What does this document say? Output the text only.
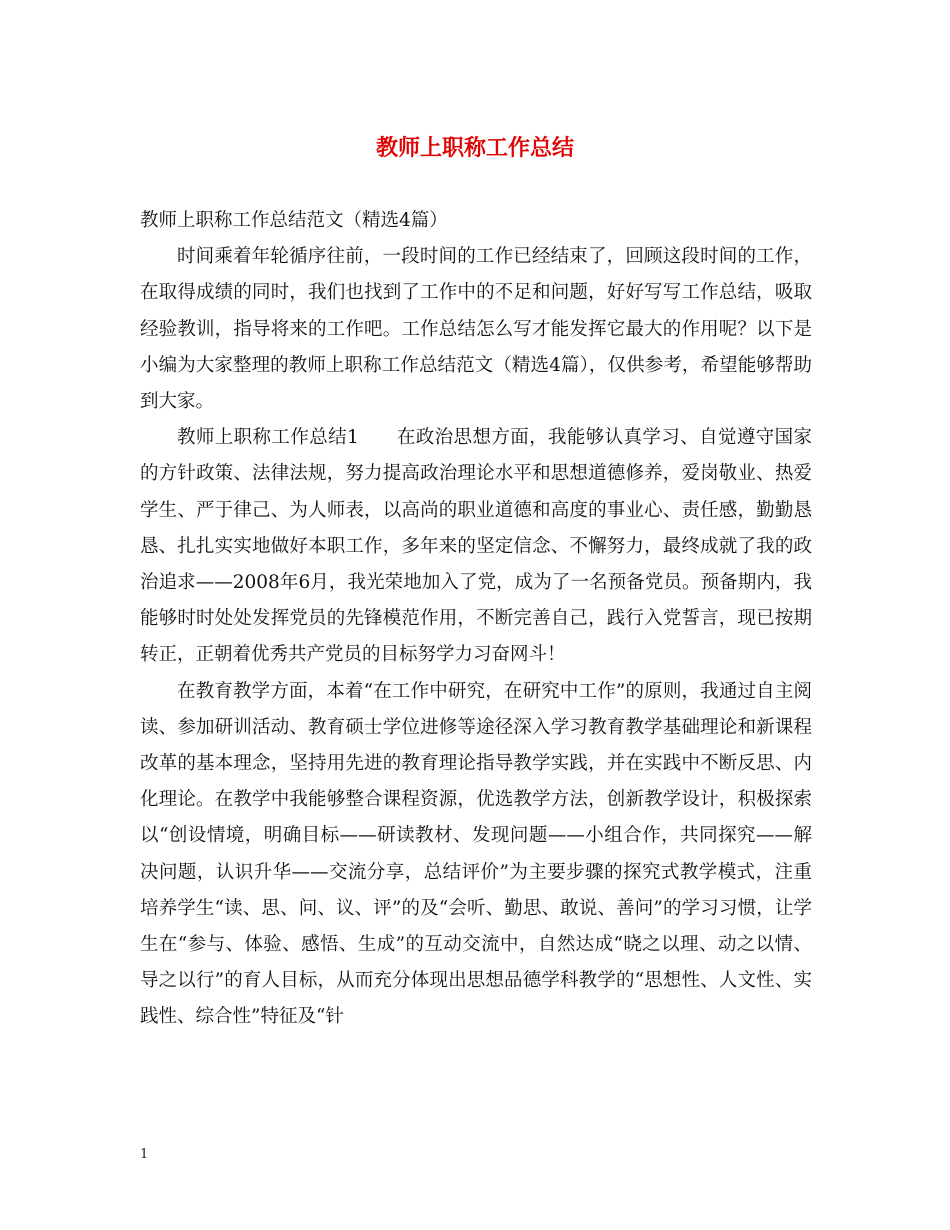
教师上职称工作总结

教师上职称工作总结范文（精选4篇）

时间乘着年轮循序往前，一段时间的工作已经结束了，回顾这段时间的工作，在取得成绩的同时，我们也找到了工作中的不足和问题，好好写写工作总结，吸取经验教训，指导将来的工作吧。工作总结怎么写才能发挥它最大的作用呢？以下是小编为大家整理的教师上职称工作总结范文（精选4篇），仅供参考，希望能够帮助到大家。

教师上职称工作总结1　　在政治思想方面，我能够认真学习、自觉遵守国家的方针政策、法律法规，努力提高政治理论水平和思想道德修养，爱岗敬业、热爱学生、严于律己、为人师表，以高尚的职业道德和高度的事业心、责任感，勤勤恳恳、扎扎实实地做好本职工作，多年来的坚定信念、不懈努力，最终成就了我的政治追求——2008年6月，我光荣地加入了党，成为了一名预备党员。预备期内，我能够时时处处发挥党员的先锋模范作用，不断完善自己，践行入党誓言，现已按期转正，正朝着优秀共产党员的目标努学力习奋网斗！

在教育教学方面，本着“在工作中研究，在研究中工作”的原则，我通过自主阅读、参加研训活动、教育硕士学位进修等途径深入学习教育教学基础理论和新课程改革的基本理念，坚持用先进的教育理论指导教学实践，并在实践中不断反思、内化理论。在教学中我能够整合课程资源，优选教学方法，创新教学设计，积极探索以“创设情境，明确目标——研读教材、发现问题——小组合作，共同探究——解决问题，认识升华——交流分享，总结评价”为主要步骤的探究式教学模式，注重培养学生“读、思、问、议、评”的及“会听、勤思、敢说、善问”的学习习惯，让学生在“参与、体验、感悟、生成”的互动交流中，自然达成“晓之以理、动之以情、导之以行”的育人目标，从而充分体现出思想品德学科教学的“思想性、人文性、实践性、综合性”特征及“针

1
